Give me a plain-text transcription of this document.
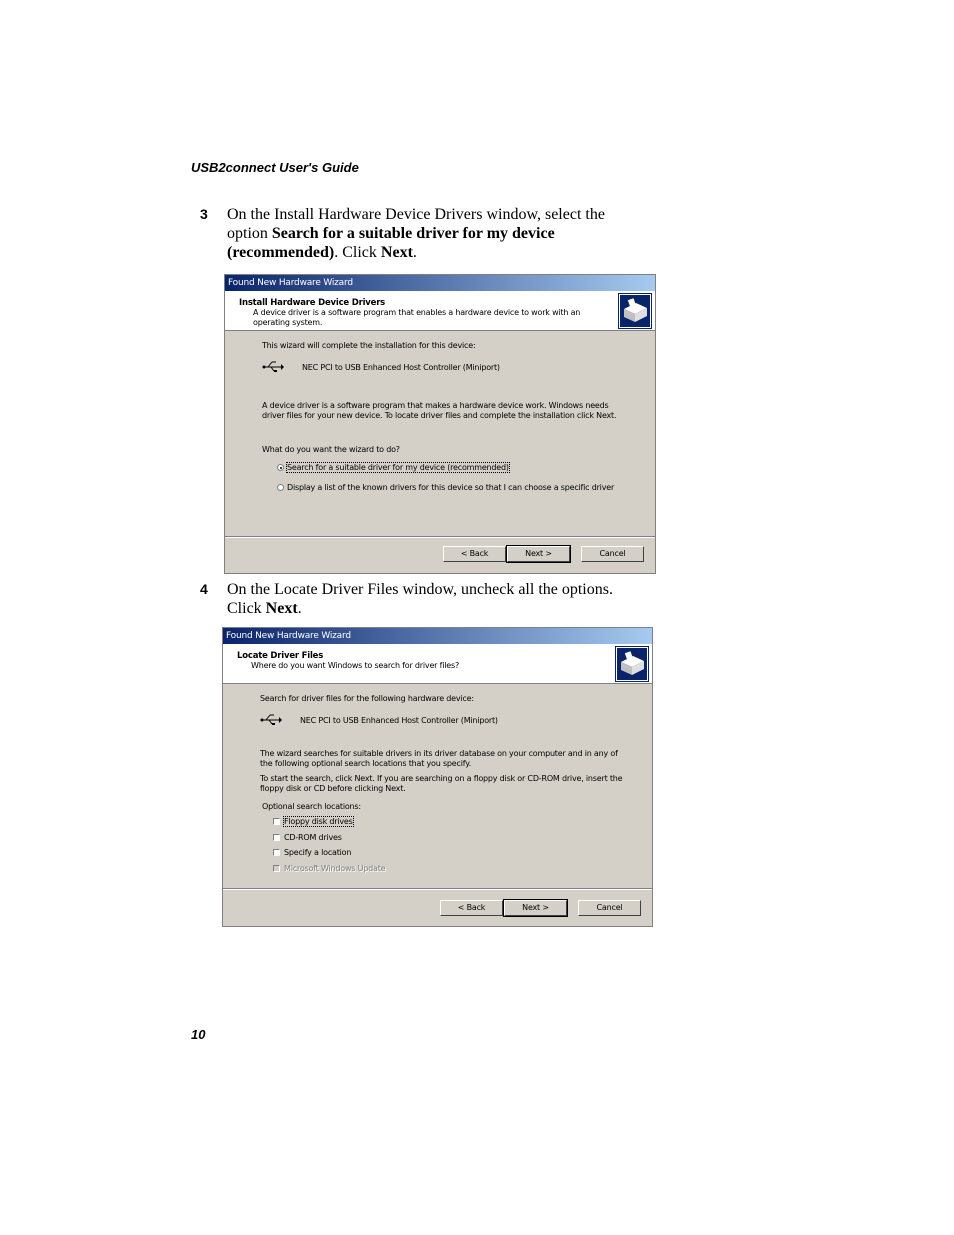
USB2connect User's Guide
3 On the Install Hardware Device Drivers window, select the option Search for a suitable driver for my device (recommended). Click Next.
Found New Hardware Wizard
Install Hardware Device Drivers
A device driver is a software program that enables a hardware device to work with an operating system.
This wizard will complete the installation for this device:
NEC PCI to USB Enhanced Host Controller (Miniport)
A device driver is a software program that makes a hardware device work. Windows needs
driver files for your new device. To locate driver files and complete the installation click Next.
What do you want the wizard to do?
Search for a suitable driver for my device (recommended)
Display a list of the known drivers for this device so that I can choose a specific driver
< Back	Next >	Cancel
4 On the Locate Driver Files window, uncheck all the options. Click Next.
Found New Hardware Wizard
Locate Driver Files
Where do you want Windows to search for driver files?
Search for driver files for the following hardware device:
NEC PCI to USB Enhanced Host Controller (Miniport)
The wizard searches for suitable drivers in its driver database on your computer and in any of
the following optional search locations that you specify.
To start the search, click Next. If you are searching on a floppy disk or CD-ROM drive, insert the
floppy disk or CD before clicking Next.
Optional search locations:
Floppy disk drives
CD-ROM drives
Specify a location
Microsoft Windows Update
< Back	Next >	Cancel
10
